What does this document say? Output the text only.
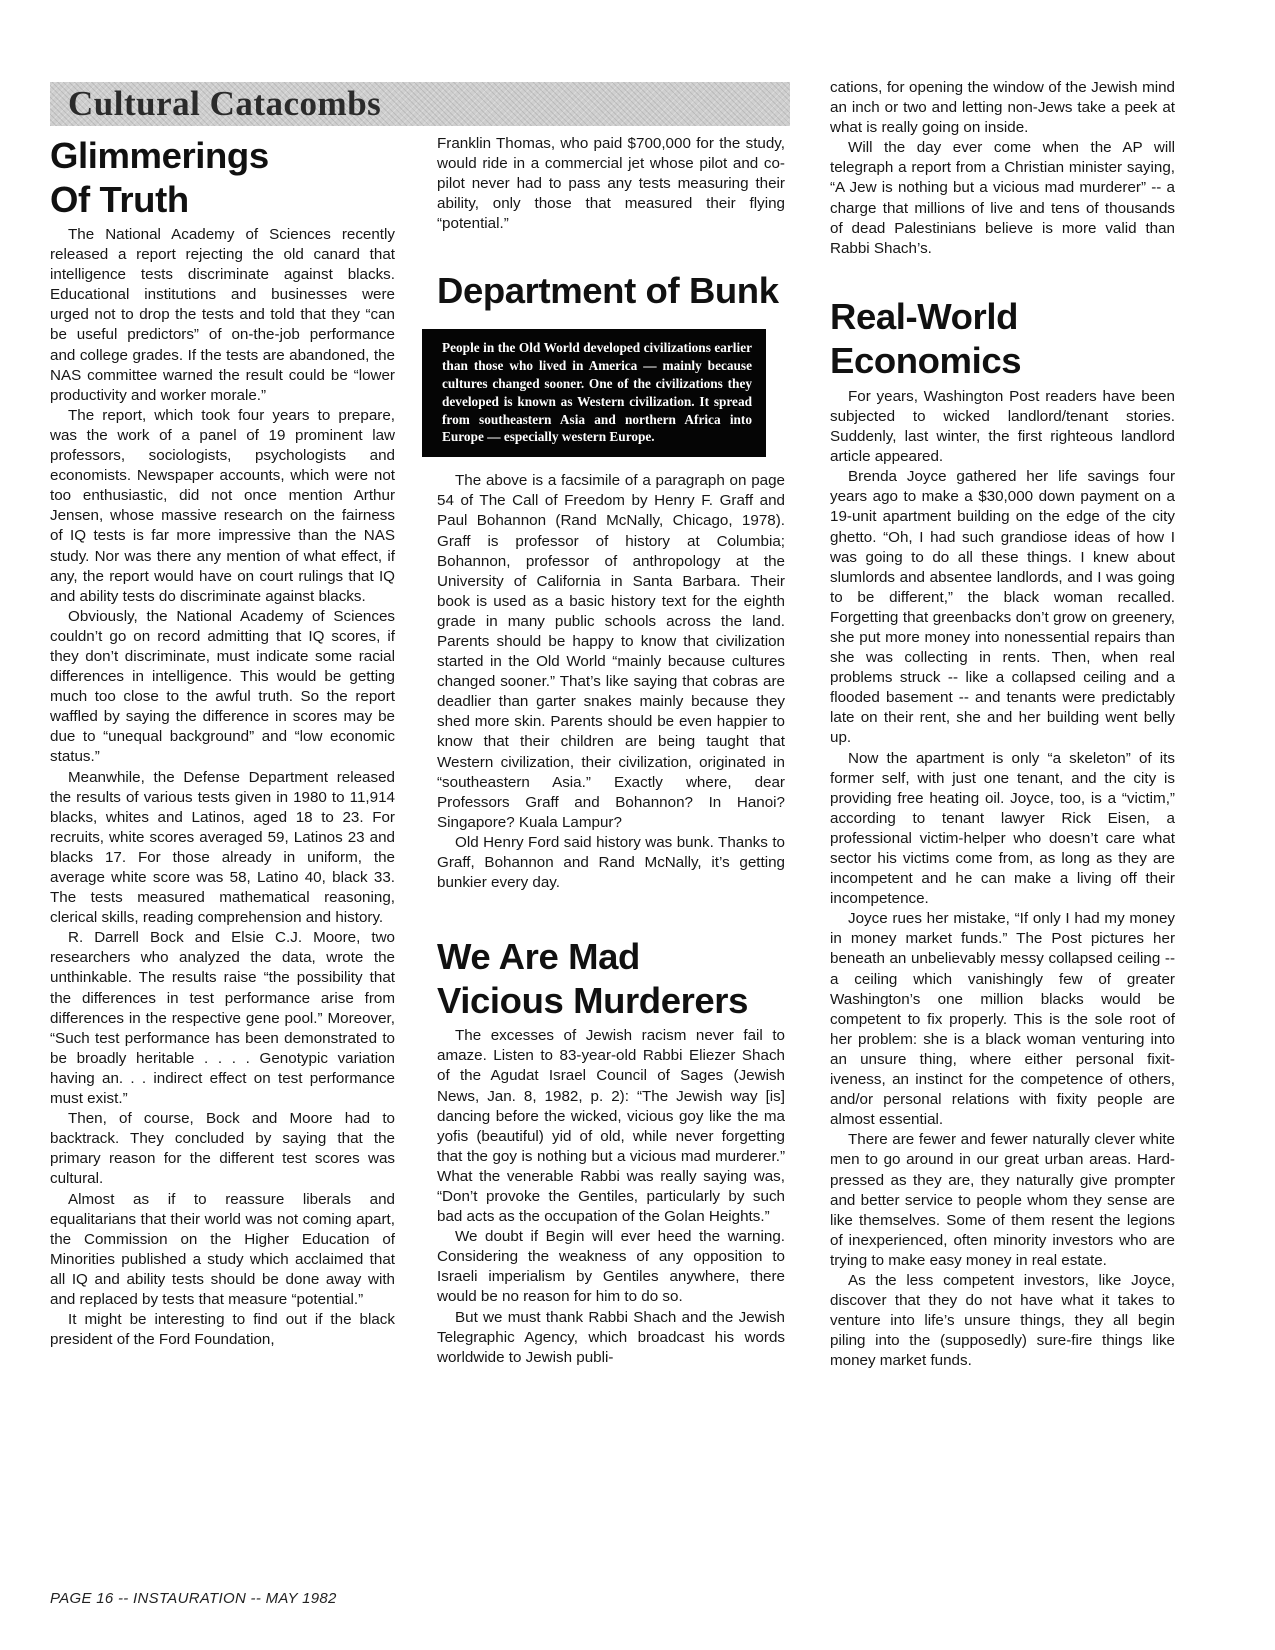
Cultural Catacombs
Glimmerings
Of Truth
The National Academy of Sciences recently released a report rejecting the old canard that intelligence tests discriminate against blacks. Educational institutions and businesses were urged not to drop the tests and told that they “can be useful predictors” of on-the-job performance and college grades. If the tests are abandoned, the NAS committee warned the result could be “lower productivity and worker morale.”
The report, which took four years to prepare, was the work of a panel of 19 prominent law professors, sociologists, psychologists and economists. Newspaper accounts, which were not too enthusiastic, did not once mention Arthur Jensen, whose massive research on the fairness of IQ tests is far more impressive than the NAS study. Nor was there any mention of what effect, if any, the report would have on court rulings that IQ and ability tests do discriminate against blacks.
Obviously, the National Academy of Sciences couldn’t go on record admitting that IQ scores, if they don’t discriminate, must indicate some racial differences in intelligence. This would be getting much too close to the awful truth. So the report waffled by saying the difference in scores may be due to “unequal background” and “low economic status.”
Meanwhile, the Defense Department released the results of various tests given in 1980 to 11,914 blacks, whites and Latinos, aged 18 to 23. For recruits, white scores averaged 59, Latinos 23 and blacks 17. For those already in uniform, the average white score was 58, Latino 40, black 33. The tests measured mathematical reasoning, clerical skills, reading comprehension and history.
R. Darrell Bock and Elsie C.J. Moore, two researchers who analyzed the data, wrote the unthinkable. The results raise “the possibility that the differences in test performance arise from differences in the respective gene pool.” Moreover, “Such test performance has been demonstrated to be broadly heritable . . . . Genotypic variation having an. . . indirect effect on test performance must exist.”
Then, of course, Bock and Moore had to backtrack. They concluded by saying that the primary reason for the different test scores was cultural.
Almost as if to reassure liberals and equalitarians that their world was not coming apart, the Commission on the Higher Education of Minorities published a study which acclaimed that all IQ and ability tests should be done away with and replaced by tests that measure “potential.”
It might be interesting to find out if the black president of the Ford Foundation,
Franklin Thomas, who paid $700,000 for the study, would ride in a commercial jet whose pilot and co-pilot never had to pass any tests measuring their ability, only those that measured their flying “potential.”
Department of Bunk
People in the Old World developed civilizations earlier than those who lived in America — mainly because cultures changed sooner. One of the civilizations they developed is known as Western civilization. It spread from southeastern Asia and northern Africa into Europe — especially western Europe.
The above is a facsimile of a paragraph on page 54 of The Call of Freedom by Henry F. Graff and Paul Bohannon (Rand McNally, Chicago, 1978). Graff is professor of history at Columbia; Bohannon, professor of anthropology at the University of California in Santa Barbara. Their book is used as a basic history text for the eighth grade in many public schools across the land. Parents should be happy to know that civilization started in the Old World “mainly because cultures changed sooner.” That’s like saying that cobras are deadlier than garter snakes mainly because they shed more skin. Parents should be even happier to know that their children are being taught that Western civilization, their civilization, originated in “southeastern Asia.” Exactly where, dear Professors Graff and Bohannon? In Hanoi? Singapore? Kuala Lampur?
Old Henry Ford said history was bunk. Thanks to Graff, Bohannon and Rand McNally, it’s getting bunkier every day.
We Are Mad
Vicious Murderers
The excesses of Jewish racism never fail to amaze. Listen to 83-year-old Rabbi Eliezer Shach of the Agudat Israel Council of Sages (Jewish News, Jan. 8, 1982, p. 2): “The Jewish way [is] dancing before the wicked, vicious goy like the ma yofis (beautiful) yid of old, while never forgetting that the goy is nothing but a vicious mad murderer.” What the venerable Rabbi was really saying was, “Don’t provoke the Gentiles, particularly by such bad acts as the occupation of the Golan Heights.”
We doubt if Begin will ever heed the warning. Considering the weakness of any opposition to Israeli imperialism by Gentiles anywhere, there would be no reason for him to do so.
But we must thank Rabbi Shach and the Jewish Telegraphic Agency, which broadcast his words worldwide to Jewish publi-
cations, for opening the window of the Jewish mind an inch or two and letting non-Jews take a peek at what is really going on inside.
Will the day ever come when the AP will telegraph a report from a Christian minister saying, “A Jew is nothing but a vicious mad murderer” -- a charge that millions of live and tens of thousands of dead Palestinians believe is more valid than Rabbi Shach’s.
Real-World
Economics
For years, Washington Post readers have been subjected to wicked landlord/tenant stories. Suddenly, last winter, the first righteous landlord article appeared.
Brenda Joyce gathered her life savings four years ago to make a $30,000 down payment on a 19-unit apartment building on the edge of the city ghetto. “Oh, I had such grandiose ideas of how I was going to do all these things. I knew about slumlords and absentee landlords, and I was going to be different,” the black woman recalled. Forgetting that greenbacks don’t grow on greenery, she put more money into nonessential repairs than she was collecting in rents. Then, when real problems struck -- like a collapsed ceiling and a flooded basement -- and tenants were predictably late on their rent, she and her building went belly up.
Now the apartment is only “a skeleton” of its former self, with just one tenant, and the city is providing free heating oil. Joyce, too, is a “victim,” according to tenant lawyer Rick Eisen, a professional victim-helper who doesn’t care what sector his victims come from, as long as they are incompetent and he can make a living off their incompetence.
Joyce rues her mistake, “If only I had my money in money market funds.” The Post pictures her beneath an unbelievably messy collapsed ceiling -- a ceiling which vanishingly few of greater Washington’s one million blacks would be competent to fix properly. This is the sole root of her problem: she is a black woman venturing into an unsure thing, where either personal fixit-iveness, an instinct for the competence of others, and/or personal relations with fixity people are almost essential.
There are fewer and fewer naturally clever white men to go around in our great urban areas. Hard-pressed as they are, they naturally give prompter and better service to people whom they sense are like themselves. Some of them resent the legions of inexperienced, often minority investors who are trying to make easy money in real estate.
As the less competent investors, like Joyce, discover that they do not have what it takes to venture into life’s unsure things, they all begin piling into the (supposedly) sure-fire things like money market funds.
PAGE 16 -- INSTAURATION -- MAY 1982
